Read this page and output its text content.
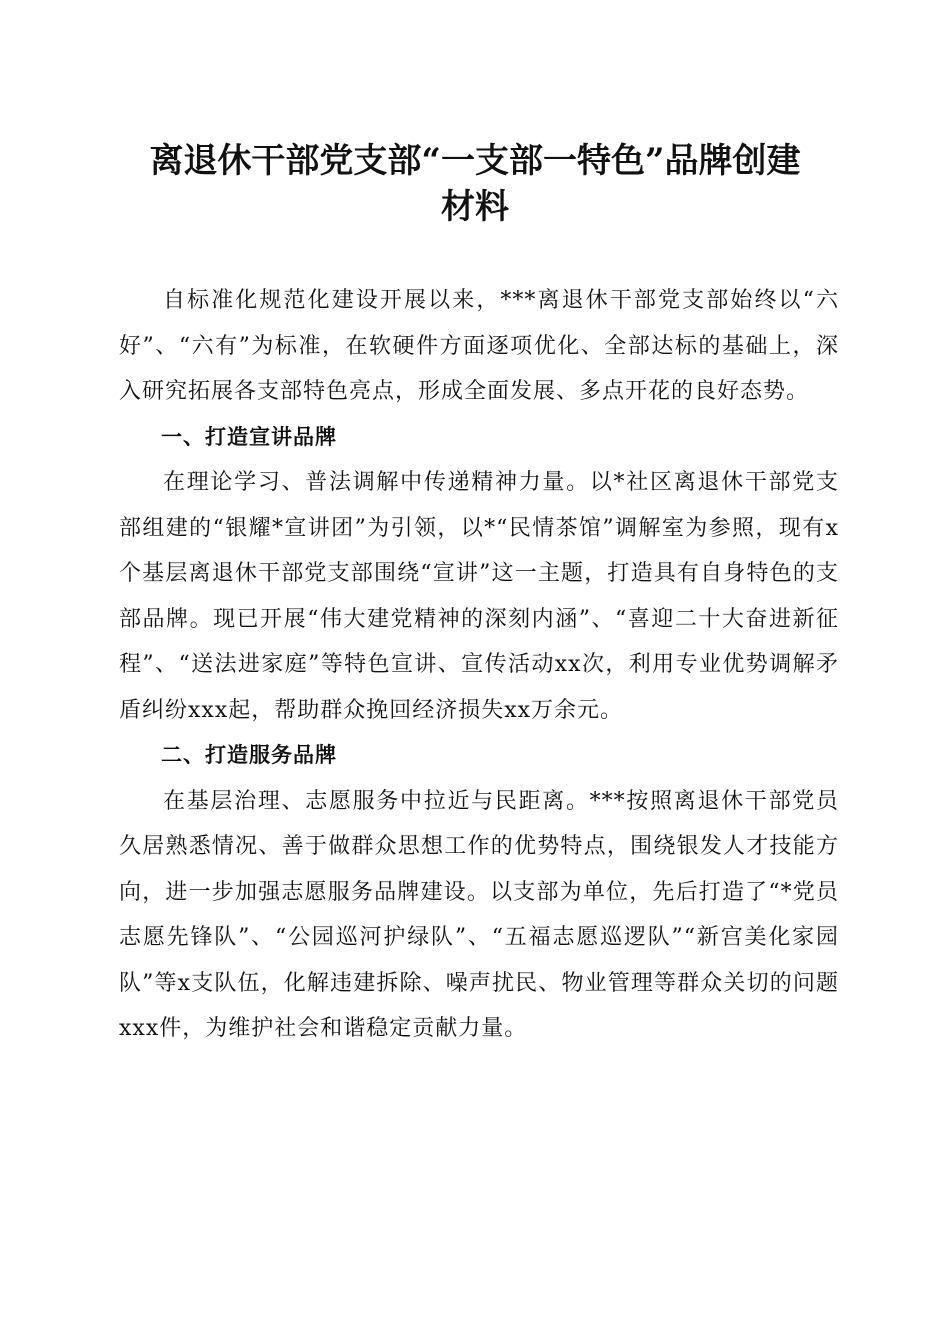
离退休干部党支部“一支部一特色”品牌创建
材料

自标准化规范化建设开展以来，***离退休干部党支部始终以“六好”、“六有”为标准，在软硬件方面逐项优化、全部达标的基础上，深入研究拓展各支部特色亮点，形成全面发展、多点开花的良好态势。

一、打造宣讲品牌

在理论学习、普法调解中传递精神力量。以*社区离退休干部党支部组建的“银耀*宣讲团”为引领，以*“民情茶馆”调解室为参照，现有x个基层离退休干部党支部围绕“宣讲”这一主题，打造具有自身特色的支部品牌。现已开展“伟大建党精神的深刻内涵”、“喜迎二十大奋进新征程”、“送法进家庭”等特色宣讲、宣传活动xx次，利用专业优势调解矛盾纠纷xxx起，帮助群众挽回经济损失xx万余元。

二、打造服务品牌

在基层治理、志愿服务中拉近与民距离。***按照离退休干部党员久居熟悉情况、善于做群众思想工作的优势特点，围绕银发人才技能方向，进一步加强志愿服务品牌建设。以支部为单位，先后打造了“*党员志愿先锋队”、“公园巡河护绿队”、“五福志愿巡逻队”“新宫美化家园队”等x支队伍，化解违建拆除、噪声扰民、物业管理等群众关切的问题xxx件，为维护社会和谐稳定贡献力量。
